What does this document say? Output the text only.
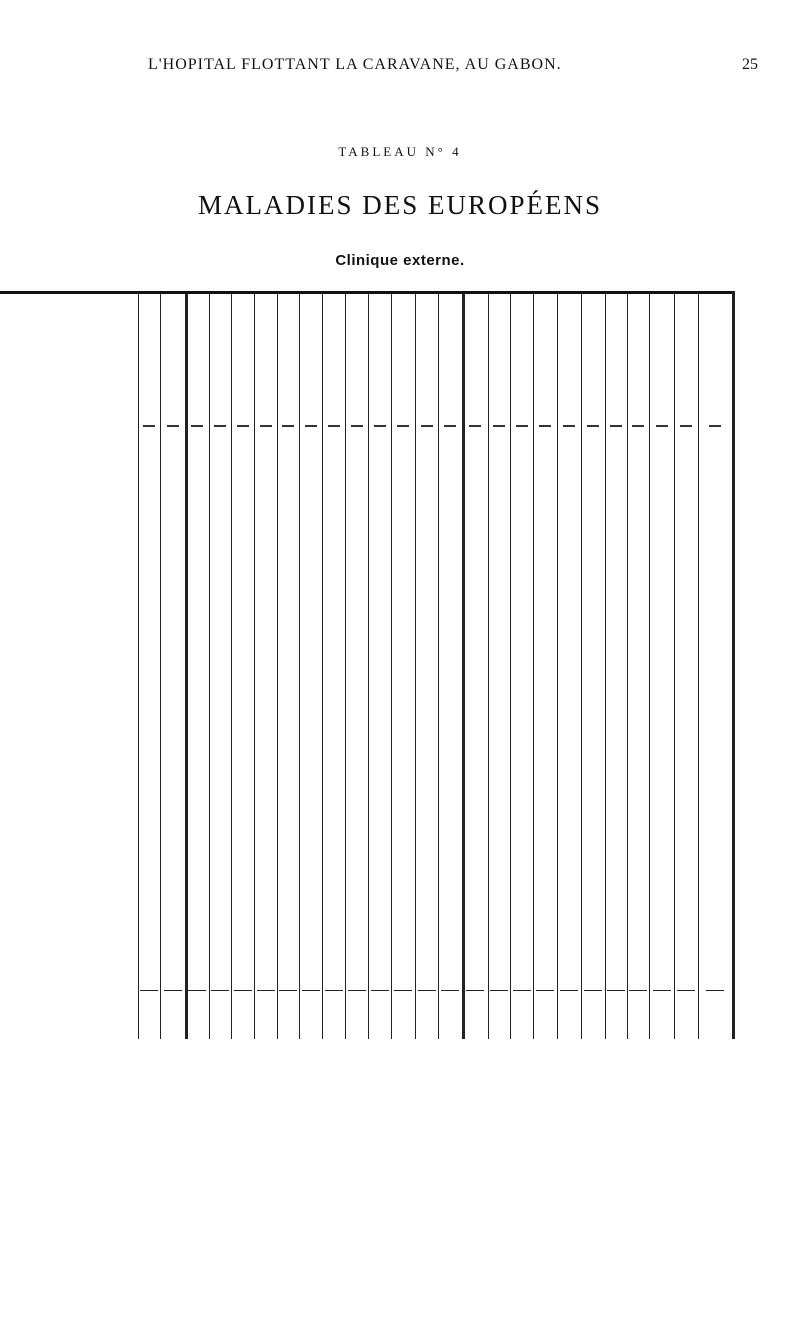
L'HOPITAL FLOTTANT LA CARAVANE, AU GABON.	25
TABLEAU N° 4
MALADIES DES EUROPÉENS
Clinique externe.
